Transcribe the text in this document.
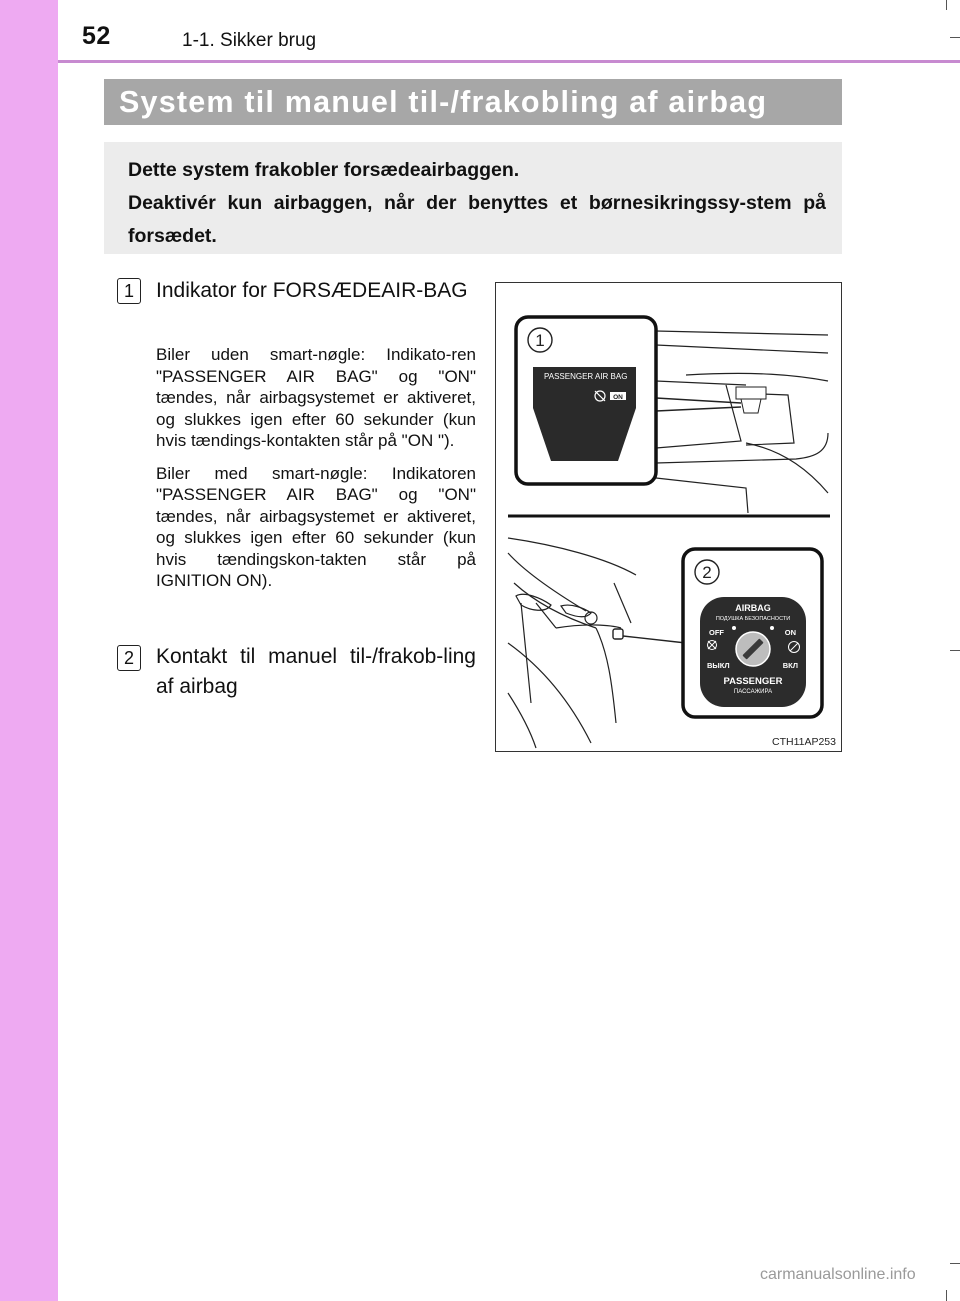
52	1-1. Sikker brug
System til manuel til-/frakobling af airbag

Dette system frakobler forsædeairbaggen.

Deaktivér kun airbaggen, når der benyttes et børnesikringssy-stem på forsædet.

1	Indikator for FORSÆDEAIR-BAG

Biler uden smart-nøgle: Indikato-ren "PASSENGER AIR BAG" og "ON" tændes, når airbagsystemet er aktiveret, og slukkes igen efter 60 sekunder (kun hvis tændings-kontakten står på "ON ").

Biler med smart-nøgle: Indikatoren "PASSENGER AIR BAG" og "ON" tændes, når airbagsystemet er aktiveret, og slukkes igen efter 60 sekunder (kun hvis tændingskon-takten står på IGNITION ON).

2	Kontakt til manuel til-/frakob-ling af airbag
1
PASSENGER AIR BAG
ON
2
AIRBAG
ПОДУШКА БЕЗОПАСНОСТИ
OFF	ON
ВЫКЛ	ВКЛ
PASSENGER
ПАССАЖИРА
CTH11AP253
carmanualsonline.info
